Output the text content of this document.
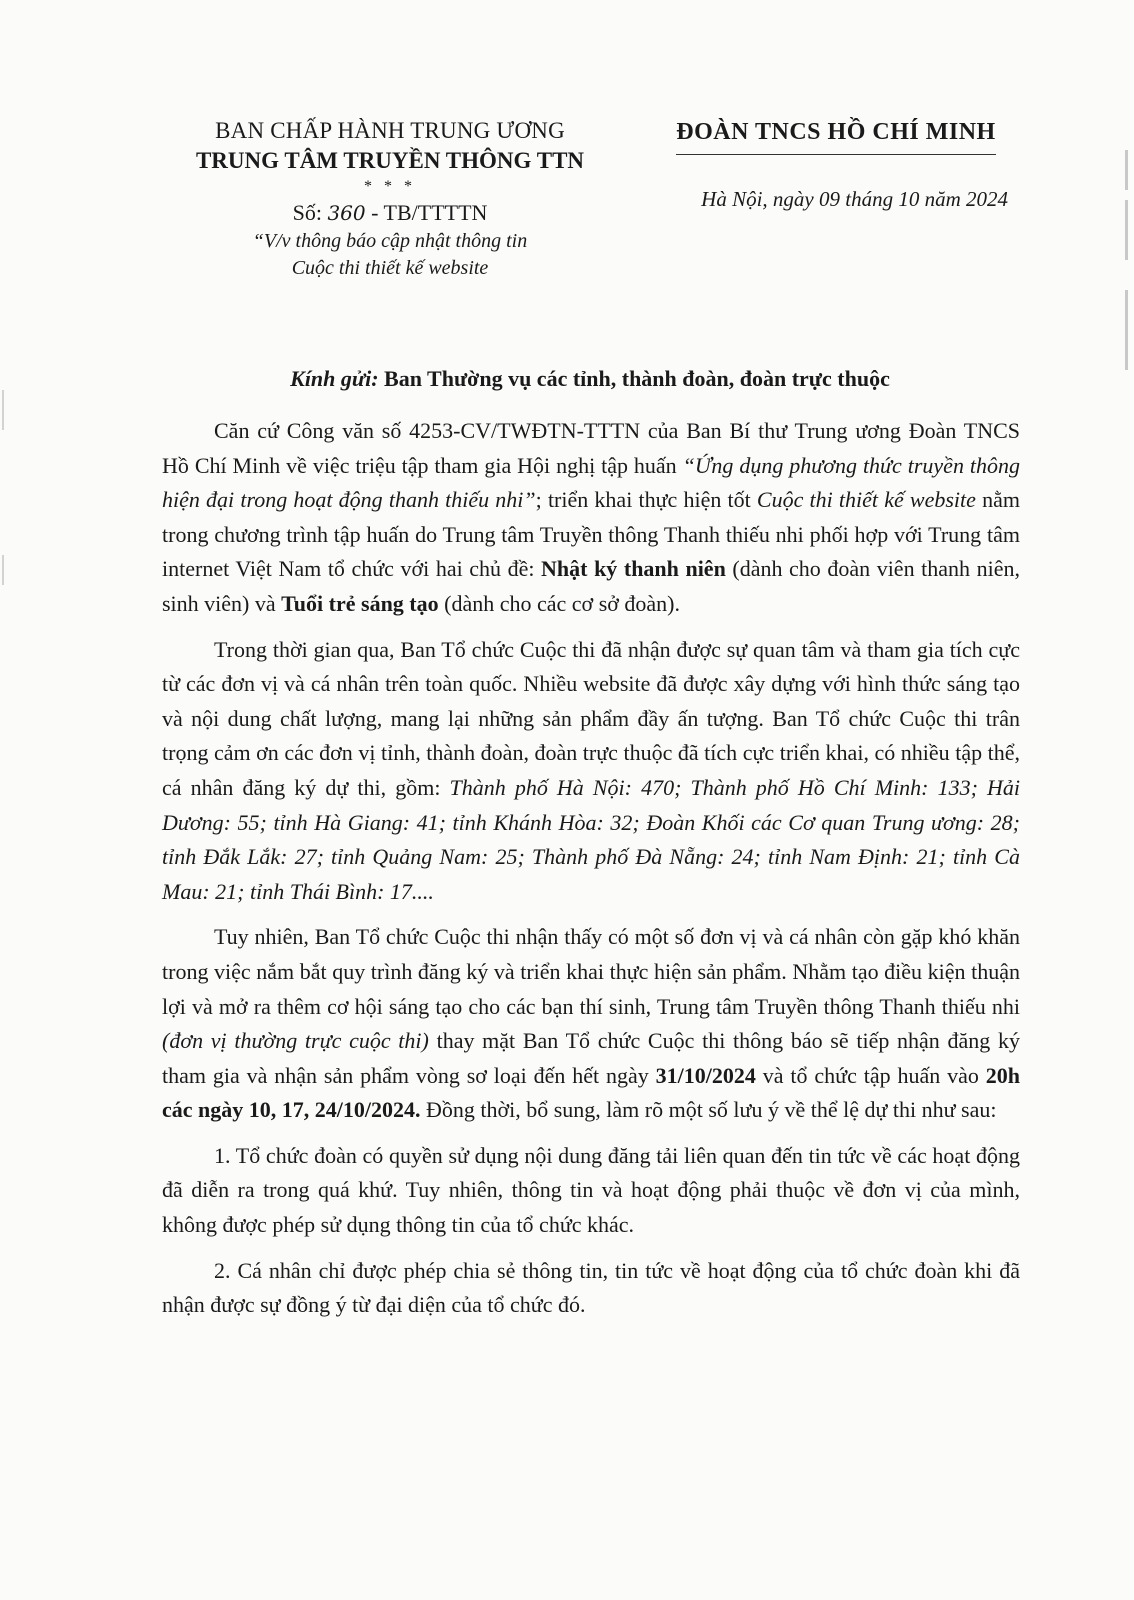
BAN CHẤP HÀNH TRUNG ƯƠNG
TRUNG TÂM TRUYỀN THÔNG TTN
* * *
Số: 360 - TB/TTTTN
“V/v thông báo cập nhật thông tin
Cuộc thi thiết kế website
ĐOÀN TNCS HỒ CHÍ MINH
Hà Nội, ngày 09 tháng 10 năm 2024
Kính gửi: Ban Thường vụ các tỉnh, thành đoàn, đoàn trực thuộc

Căn cứ Công văn số 4253-CV/TWĐTN-TTTN của Ban Bí thư Trung ương Đoàn TNCS Hồ Chí Minh về việc triệu tập tham gia Hội nghị tập huấn “Ứng dụng phương thức truyền thông hiện đại trong hoạt động thanh thiếu nhi”; triển khai thực hiện tốt Cuộc thi thiết kế website nằm trong chương trình tập huấn do Trung tâm Truyền thông Thanh thiếu nhi phối hợp với Trung tâm internet Việt Nam tổ chức với hai chủ đề: Nhật ký thanh niên (dành cho đoàn viên thanh niên, sinh viên) và Tuổi trẻ sáng tạo (dành cho các cơ sở đoàn).

Trong thời gian qua, Ban Tổ chức Cuộc thi đã nhận được sự quan tâm và tham gia tích cực từ các đơn vị và cá nhân trên toàn quốc. Nhiều website đã được xây dựng với hình thức sáng tạo và nội dung chất lượng, mang lại những sản phẩm đầy ấn tượng. Ban Tổ chức Cuộc thi trân trọng cảm ơn các đơn vị tỉnh, thành đoàn, đoàn trực thuộc đã tích cực triển khai, có nhiều tập thể, cá nhân đăng ký dự thi, gồm: Thành phố Hà Nội: 470; Thành phố Hồ Chí Minh: 133; Hải Dương: 55; tỉnh Hà Giang: 41; tỉnh Khánh Hòa: 32; Đoàn Khối các Cơ quan Trung ương: 28; tỉnh Đắk Lắk: 27; tỉnh Quảng Nam: 25; Thành phố Đà Nẵng: 24; tỉnh Nam Định: 21; tỉnh Cà Mau: 21; tỉnh Thái Bình: 17....

Tuy nhiên, Ban Tổ chức Cuộc thi nhận thấy có một số đơn vị và cá nhân còn gặp khó khăn trong việc nắm bắt quy trình đăng ký và triển khai thực hiện sản phẩm. Nhằm tạo điều kiện thuận lợi và mở ra thêm cơ hội sáng tạo cho các bạn thí sinh, Trung tâm Truyền thông Thanh thiếu nhi (đơn vị thường trực cuộc thi) thay mặt Ban Tổ chức Cuộc thi thông báo sẽ tiếp nhận đăng ký tham gia và nhận sản phẩm vòng sơ loại đến hết ngày 31/10/2024 và tổ chức tập huấn vào 20h các ngày 10, 17, 24/10/2024. Đồng thời, bổ sung, làm rõ một số lưu ý về thể lệ dự thi như sau:

1. Tổ chức đoàn có quyền sử dụng nội dung đăng tải liên quan đến tin tức về các hoạt động đã diễn ra trong quá khứ. Tuy nhiên, thông tin và hoạt động phải thuộc về đơn vị của mình, không được phép sử dụng thông tin của tổ chức khác.

2. Cá nhân chỉ được phép chia sẻ thông tin, tin tức về hoạt động của tổ chức đoàn khi đã nhận được sự đồng ý từ đại diện của tổ chức đó.
